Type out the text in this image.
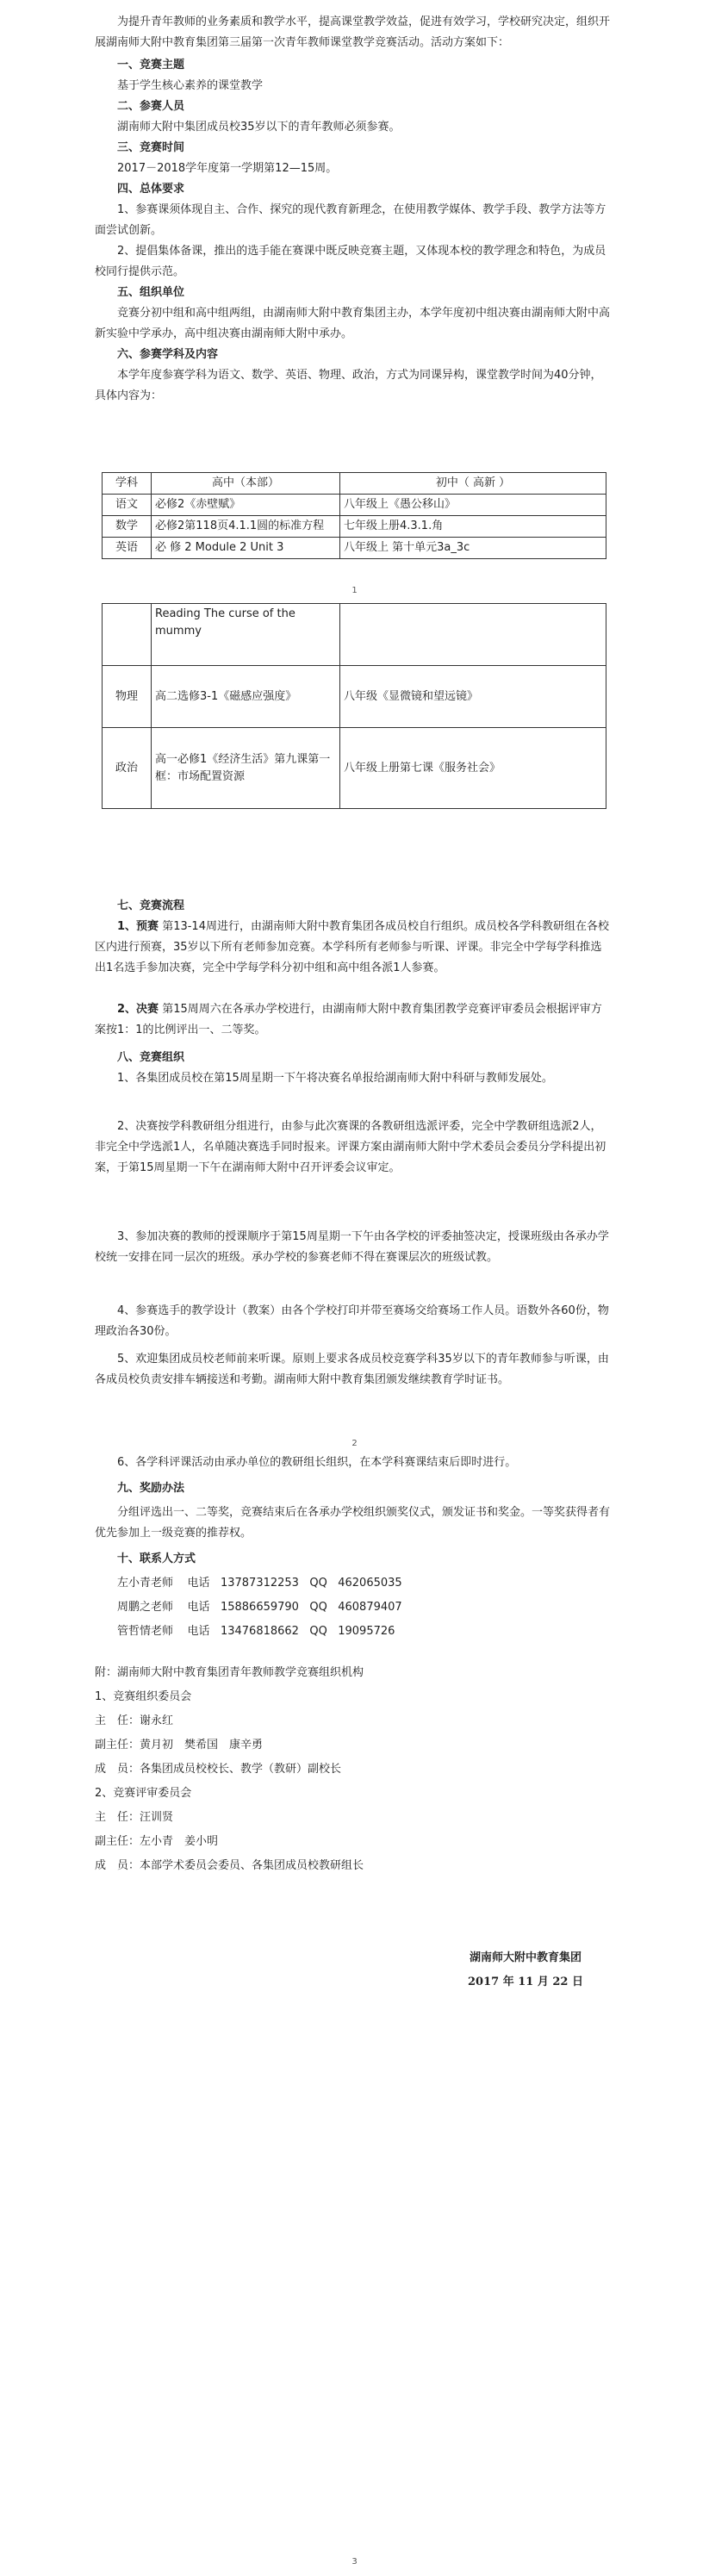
为提升青年教师的业务素质和教学水平，提高课堂教学效益，促进有效学习，学校研究决定，组织开展湖南师大附中教育集团第三届第一次青年教师课堂教学竞赛活动。活动方案如下：

一、竞赛主题

基于学生核心素养的课堂教学

二、参赛人员

湖南师大附中集团成员校35岁以下的青年教师必须参赛。

三、竞赛时间

2017－2018学年度第一学期第12—15周。

四、总体要求

1、参赛课须体现自主、合作、探究的现代教育新理念，在使用教学媒体、教学手段、教学方法等方面尝试创新。

2、提倡集体备课，推出的选手能在赛课中既反映竞赛主题，又体现本校的教学理念和特色，为成员校同行提供示范。

五、组织单位

竞赛分初中组和高中组两组，由湖南师大附中教育集团主办，本学年度初中组决赛由湖南师大附中高新实验中学承办，高中组决赛由湖南师大附中承办。

六、参赛学科及内容

本学年度参赛学科为语文、数学、英语、物理、政治，方式为同课异构，课堂教学时间为40分钟，具体内容为：

学科	高中（本部）	初中（ 高新 ）
语文	必修2《赤壁赋》	八年级上《愚公移山》
数学	必修2第118页4.1.1圆的标准方程	七年级上册4.3.1.角
英语	必 修 2 Module 2 Unit 3	八年级上 第十单元3a_3c
1
	Reading The curse of the mummy	
物理	高二选修3-1《磁感应强度》	八年级《显微镜和望远镜》
政治	高一必修1《经济生活》第九课第一框：市场配置资源	八年级上册第七课《服务社会》

七、竞赛流程

1、预赛 第13-14周进行，由湖南师大附中教育集团各成员校自行组织。成员校各学科教研组在各校区内进行预赛，35岁以下所有老师参加竞赛。本学科所有老师参与听课、评课。非完全中学每学科推选出1名选手参加决赛，完全中学每学科分初中组和高中组各派1人参赛。

2、决赛 第15周周六在各承办学校进行，由湖南师大附中教育集团教学竞赛评审委员会根据评审方案按1：1的比例评出一、二等奖。

八、竞赛组织

1、各集团成员校在第15周星期一下午将决赛名单报给湖南师大附中科研与教师发展处。

2、决赛按学科教研组分组进行，由参与此次赛课的各教研组选派评委，完全中学教研组选派2人，非完全中学选派1人，名单随决赛选手同时报来。评课方案由湖南师大附中学术委员会委员分学科提出初案，于第15周星期一下午在湖南师大附中召开评委会议审定。

3、参加决赛的教师的授课顺序于第15周星期一下午由各学校的评委抽签决定，授课班级由各承办学校统一安排在同一层次的班级。承办学校的参赛老师不得在赛课层次的班级试教。

4、参赛选手的教学设计（教案）由各个学校打印并带至赛场交给赛场工作人员。语数外各60份，物理政治各30份。

5、欢迎集团成员校老师前来听课。原则上要求各成员校竞赛学科35岁以下的青年教师参与听课，由各成员校负责安排车辆接送和考勤。湖南师大附中教育集团颁发继续教育学时证书。

2

6、各学科评课活动由承办单位的教研组长组织，在本学科赛课结束后即时进行。

九、奖励办法

分组评选出一、二等奖，竞赛结束后在各承办学校组织颁奖仪式，颁发证书和奖金。一等奖获得者有优先参加上一级竞赛的推荐权。

十、联系人方式

左小青老师 电话 13787312253 QQ 462065035
周鹏之老师 电话 15886659790 QQ 460879407
管哲情老师 电话 13476818662 QQ 19095726

附：湖南师大附中教育集团青年教师教学竞赛组织机构

1、竞赛组织委员会

主　任：谢永红

副主任：黄月初　樊希国　康辛勇

成　员：各集团成员校校长、教学（教研）副校长

2、竞赛评审委员会

主　任：汪训贤

副主任：左小青　姜小明

成　员：本部学术委员会委员、各集团成员校教研组长

湖南师大附中教育集团
2017 年 11 月 22 日
3
